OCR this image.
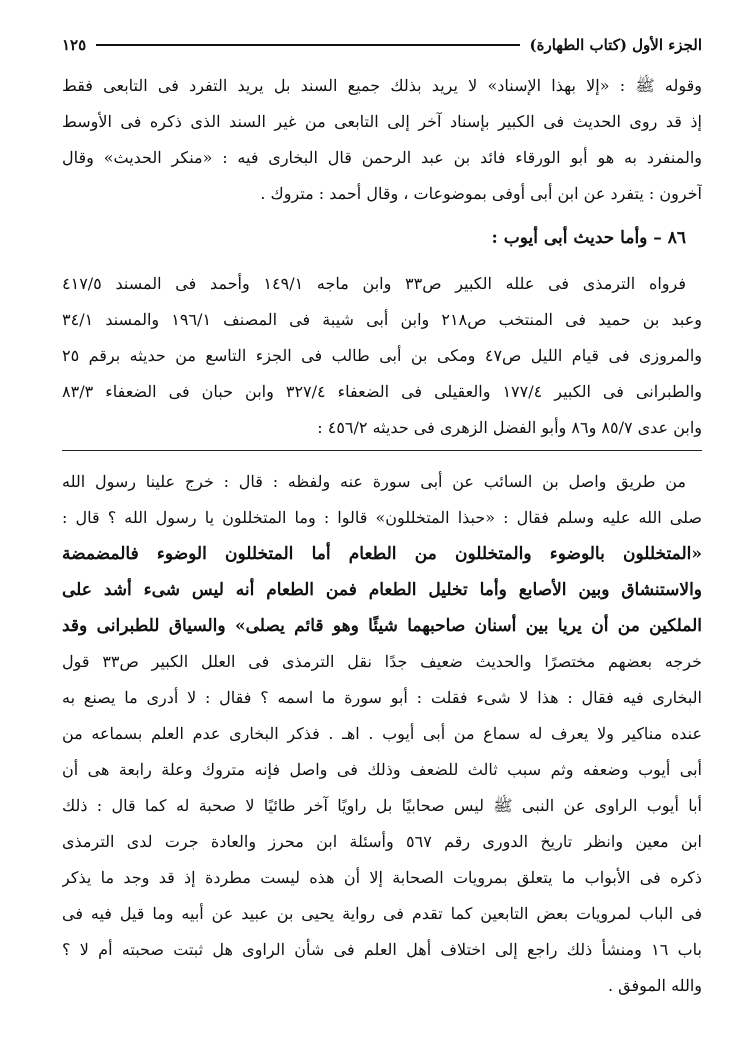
الجزء الأول (كتاب الطهارة)
١٢٥
وقوله ﷺ : «إلا بهذا الإسناد» لا يريد بذلك جميع السند بل يريد التفرد فى التابعى فقط
إذ قد روى الحديث فى الكبير بإسناد آخر إلى التابعى من غير السند الذى ذكره فى الأوسط
والمنفرد به هو أبو الورقاء فائد بن عبد الرحمن قال البخارى فيه : «منكر الحديث» وقال
آخرون : يتفرد عن ابن أبى أوفى بموضوعات ، وقال أحمد : متروك .
٨٦ – وأما حديث أبى أيوب :
فرواه الترمذى فى علله الكبير ص٣٣ وابن ماجه ١٤٩/١ وأحمد فى المسند ٤١٧/٥
وعبد بن حميد فى المنتخب ص٢١٨ وابن أبى شيبة فى المصنف ١٩٦/١ والمسند ٣٤/١
والمروزى فى قيام الليل ص٤٧ ومكى بن أبى طالب فى الجزء التاسع من حديثه برقم ٢٥
والطبرانى فى الكبير ١٧٧/٤ والعقيلى فى الضعفاء ٣٢٧/٤ وابن حبان فى الضعفاء ٨٣/٣
وابن عدى ٨٥/٧ و٨٦ وأبو الفضل الزهرى فى حديثه ٤٥٦/٢ :
من طريق واصل بن السائب عن أبى سورة عنه ولفظه : قال : خرج علينا رسول الله
صلى الله عليه وسلم فقال : «حبذا المتخللون» قالوا : وما المتخللون يا رسول الله ؟ قال :
«المتخللون بالوضوء والمتخللون من الطعام أما المتخللون الوضوء فالمضمضة
والاستنشاق وبين الأصابع وأما تخليل الطعام فمن الطعام أنه ليس شىء أشد على
الملكين من أن يريا بين أسنان صاحبهما شيئًا وهو قائم يصلى» والسياق للطبرانى وقد
خرجه بعضهم مختصرًا والحديث ضعيف جدًا نقل الترمذى فى العلل الكبير ص٣٣ قول
البخارى فيه فقال : هذا لا شىء فقلت : أبو سورة ما اسمه ؟ فقال : لا أدرى ما يصنع به
عنده مناكير ولا يعرف له سماع من أبى أيوب . اهـ . فذكر البخارى عدم العلم بسماعه من
أبى أيوب وضعفه وثم سبب ثالث للضعف وذلك فى واصل فإنه متروك وعلة رابعة هى أن
أبا أيوب الراوى عن النبى ﷺ ليس صحابيًا بل راويًا آخر طائيًا لا صحبة له كما قال : ذلك
ابن معين وانظر تاريخ الدورى رقم ٥٦٧ وأسئلة ابن محرز والعادة جرت لدى الترمذى
ذكره فى الأبواب ما يتعلق بمرويات الصحابة إلا أن هذه ليست مطردة إذ قد وجد ما يذكر
فى الباب لمرويات بعض التابعين كما تقدم فى رواية يحيى بن عبيد عن أبيه وما قيل فيه فى
باب ١٦ ومنشأ ذلك راجع إلى اختلاف أهل العلم فى شأن الراوى هل ثبتت صحبته أم لا ؟
والله الموفق .
